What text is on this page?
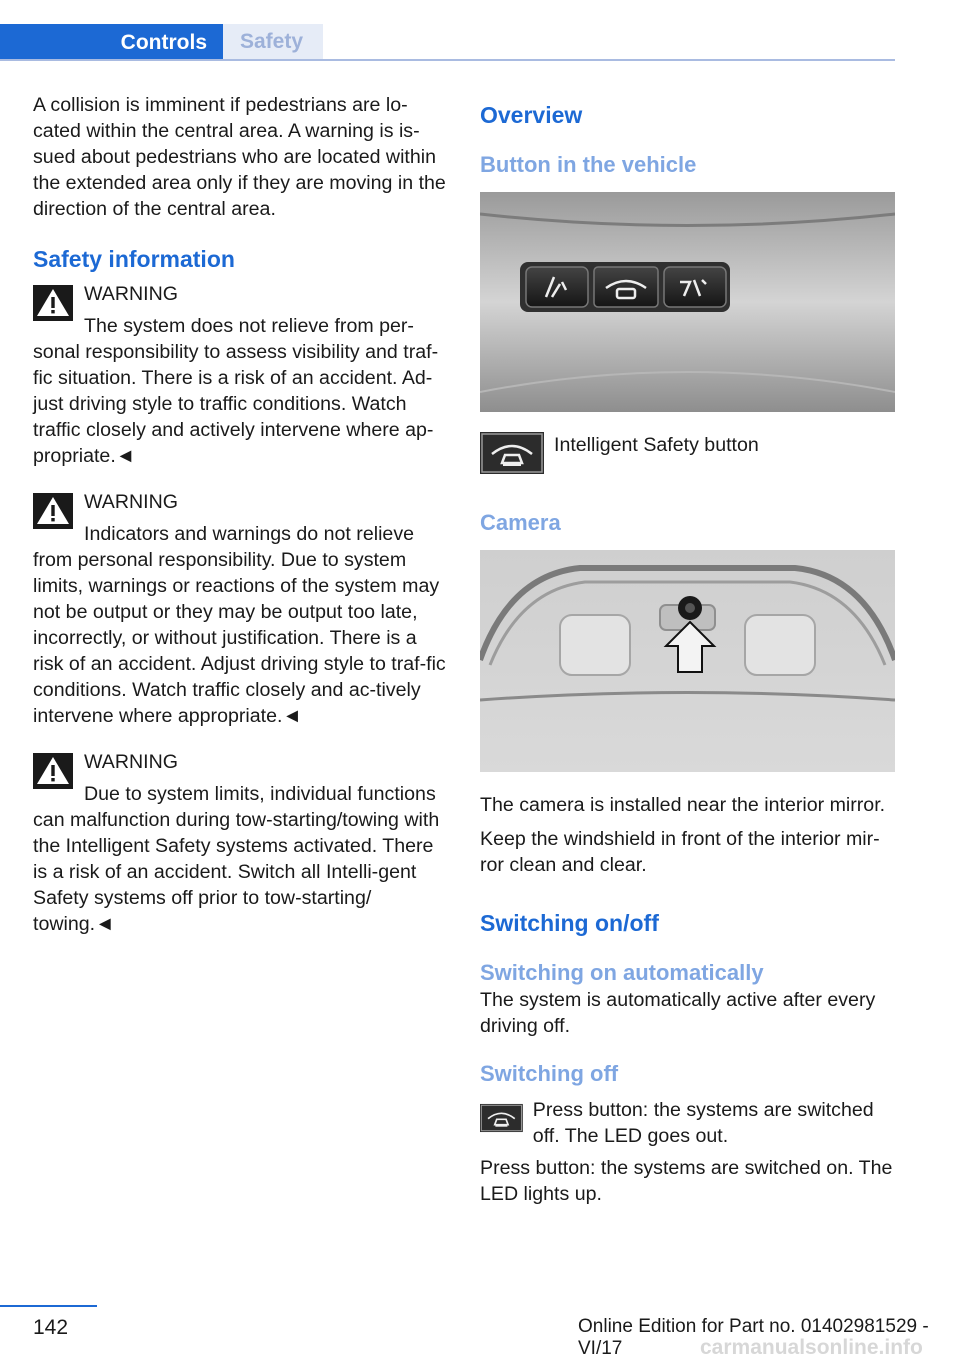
Controls	Safety

A collision is imminent if pedestrians are lo-cated within the central area. A warning is is-sued about pedestrians who are located within the extended area only if they are moving in the direction of the central area.

Safety information
WARNING
The system does not relieve from per-
sonal responsibility to assess visibility and traf-fic situation. There is a risk of an accident. Ad-just driving style to traffic conditions. Watch traffic closely and actively intervene where ap-propriate.◄
WARNING
Indicators and warnings do not relieve
from personal responsibility. Due to system limits, warnings or reactions of the system may not be output or they may be output too late, incorrectly, or without justification. There is a risk of an accident. Adjust driving style to traf-fic conditions. Watch traffic closely and ac-tively intervene where appropriate.◄
WARNING
Due to system limits, individual functions
can malfunction during tow-starting/towing with the Intelligent Safety systems activated. There is a risk of an accident. Switch all Intelli-gent Safety systems off prior to tow-starting/ towing.◄
Overview
Button in the vehicle
Intelligent Safety button
Camera

The camera is installed near the interior mirror.

Keep the windshield in front of the interior mir-ror clean and clear.

Switching on/off
Switching on automatically

The system is automatically active after every driving off.

Switching off
Press button: the systems are switched off. The LED goes out.

Press button: the systems are switched on. The LED lights up.

142	Online Edition for Part no. 01402981529 - VI/17	carmanualsonline.info
